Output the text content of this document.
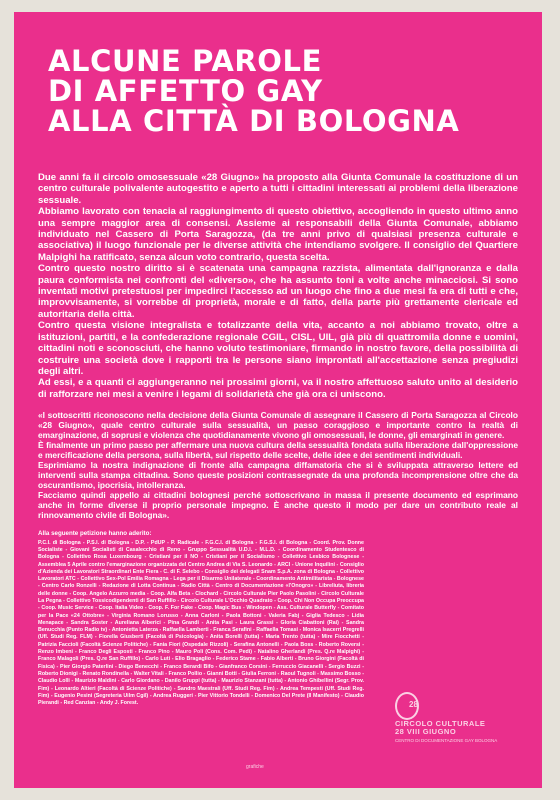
ALCUNE PAROLE
DI AFFETTO GAY
ALLA CITTÀ DI BOLOGNA

Due anni fa il circolo omosessuale «28 Giugno» ha proposto alla Giunta Comunale la costituzione di un centro culturale polivalente autogestito e aperto a tutti i cittadini interessati ai problemi della liberazione sessuale.

Abbiamo lavorato con tenacia al raggiungimento di questo obiettivo, accogliendo in questo ultimo anno una sempre maggior area di consensi. Assieme ai responsabili della Giunta Comunale, abbiamo individuato nel Cassero di Porta Saragozza, (da tre anni privo di qualsiasi presenza culturale e associativa) il luogo funzionale per le diverse attività che intendiamo svolgere. Il consiglio del Quartiere Malpighi ha ratificato, senza alcun voto contrario, questa scelta.

Contro questo nostro diritto si è scatenata una campagna razzista, alimentata dall'ignoranza e dalla paura conformista nei confronti del «diverso», che ha assunto toni a volte anche minacciosi. Si sono inventati motivi pretestuosi per impedirci l'accesso ad un luogo che fino a due mesi fa era di tutti e che, improvvisamente, si vorrebbe di proprietà, morale e di fatto, della parte più grettamente clericale ed autoritaria della città.

Contro questa visione integralista e totalizzante della vita, accanto a noi abbiamo trovato, oltre a istituzioni, partiti, e la confederazione regionale CGIL, CISL, UIL, già più di quattromila donne e uomini, cittadini noti e sconosciuti, che hanno voluto testimoniare, firmando in nostro favore, della possibilità di costruire una società dove i rapporti tra le persone siano improntati all'accettazione senza pregiudizi degli altri.

Ad essi, e a quanti ci aggiungeranno nei prossimi giorni, va il nostro affettuoso saluto unito al desiderio di rafforzare nei mesi a venire i legami di solidarietà che già ora ci uniscono.

«I sottoscritti riconoscono nella decisione della Giunta Comunale di assegnare il Cassero di Porta Saragozza al Circolo «28 Giugno», quale centro culturale sulla sessualità, un passo coraggioso e importante contro la realtà di emarginazione, di soprusi e violenza che quotidianamente vivono gli omosessuali, le donne, gli emarginati in genere.

È finalmente un primo passo per affermare una nuova cultura della sessualità fondata sulla liberazione dall'oppressione e mercificazione della persona, sulla libertà, sul rispetto delle scelte, delle idee e dei sentimenti individuali.

Esprimiamo la nostra indignazione di fronte alla campagna diffamatoria che si è sviluppata attraverso lettere ed interventi sulla stampa cittadina. Sono queste posizioni contrassegnate da una profonda incomprensione oltre che da oscurantismo, ipocrisia, intolleranza.

Facciamo quindi appello ai cittadini bolognesi perché sottoscrivano in massa il presente documento ed esprimano anche in forme diverse il proprio personale impegno. È anche questo il modo per dare un contributo reale al rinnovamento civile di Bologna».

Alla seguente petizione hanno aderito:
P.C.I. di Bologna - P.S.I. di Bologna - D.P. - PdUP - P. Radicale - F.G.C.I. di Bologna - F.G.S.I. di Bologna - Coord. Prov. Donne Socialiste - Giovani Socialisti di Casalecchio di Reno - Gruppo Sessualità U.D.I. - M.L.D. - Coordinamento Studentesco di Bologna - Collettivo Rosa Luxembourg - Cristiani per il NO - Cristiani per il Socialismo - Collettivo Lesbico Bolognese - Assemblea 5 Aprile contro l'emarginazione organizzata del Centro Andrea di Via S. Leonardo - ARCI - Unione Inquilini - Consiglio d'Azienda dei Lavoratori Straordinari Ente Fiera - C. di F. Selebo - Consiglio dei delegati Snam S.p.A. zona di Bologna - Collettivo Lavoratori ATC - Collettivo Sex-Pol Emilia Romagna - Lega per il Disarmo Unilaterale - Coordinamento Antimilitarista - Bolognese - Centro Carlo Ronzelli - Redazione di Lotta Continua - Radio Città - Centro di Documentazione «l'Onogro» - Libreliuta, libreria delle donne - Coop. Angelo Azzurro media - Coop. Alfa Beta - Clochard - Circolo Culturale Pier Paolo Pasolini - Circolo Culturale La Pegna - Collettivo Tossicodipendenti di San Ruffillo - Circolo Culturale L'Occhio Quadrato - Coop. Chi Non Occupa Preoccupa - Coop. Music Service - Coop. Italia Video - Coop. F. For Fake - Coop. Magic Bus - Windopen - Ass. Culturale Butterfly - Comitato per la Pace «24 Ottobre» - Virginia Romano Lorusso - Anna Carloni - Paola Bottoni - Valeria Fabj - Giglia Tedesco - Lidia Menapace - Sandra Soster - Aureliana Alberici - Pina Grandi - Anita Pasi - Laura Grassi - Gloria Ciabattoni (Rai) - Sandra Benucchia (Punto Radio tv) - Antonietta Laterza - Raffaella Lamberti - Franca Serafini - Raffaella Tomasi - Monica Isacerri Pregrelli (Ufl. Studi Reg. FLM) - Fiorella Giusberti (Facoltà di Psicologia) - Anita Borelli (tutta) - Maria Trento (tutta) - Mire Fiocchetti - Patrizia Faccioli (Facoltà Scienze Politiche) - Fania Fiori (Ospedale Rizzoli) - Serafina Antonelli - Paola Boss - Roberto Roversi - Renzo Imbeni - Franco Degli Esposti - Franco Pino - Mauro Poli (Cons. Com. Pedi) - Natalino Gherlandi (Pres. Q.re Malpighi) - Franco Malagoli (Pres. Q.re San Ruffillo) - Carlo Luti - Elio Bragaglio - Federico Stame - Fabio Alberti - Bruno Giorgini (Facoltà di Fisica) - Pier Giorgio Paterlini - Diego Benecchi - Franco Berardi Bifo - Gianfranco Corsini - Ferruccio Giacanelli - Sergio Buzzi - Roberto Dionigi - Renato Rondinella - Walter Vitali - Franco Pollio - Gianni Botti - Giulia Ferroni - Raoul Tugnoli - Massimo Bosso - Claudio Lolli - Maurizio Maldini - Carlo Giordano - Danilo Gruppi (tutta) - Maurizio Stanzani (tutta) - Antonio Ghibellini (Segr. Prov. Fim) - Leonardo Altieri (Facoltà di Scienze Politiche) - Sandro Maestrali (Uff. Studi Reg. Fim) - Andrea Tempesti (Uff. Studi Reg. Fim) - Eugenio Pesini (Segreteria Uilm Cgil) - Andrea Ruggeri - Pier Vittorio Tondelli - Domenico Del Prete (Il Manifesto) - Claudio Pierandi - Red Canzian - Andy J. Forest.	28
CIRCOLO CULTURALE
28 VIII GIUGNO
CENTRO DI DOCUMENTAZIONE GAY BOLOGNA
grafiche
